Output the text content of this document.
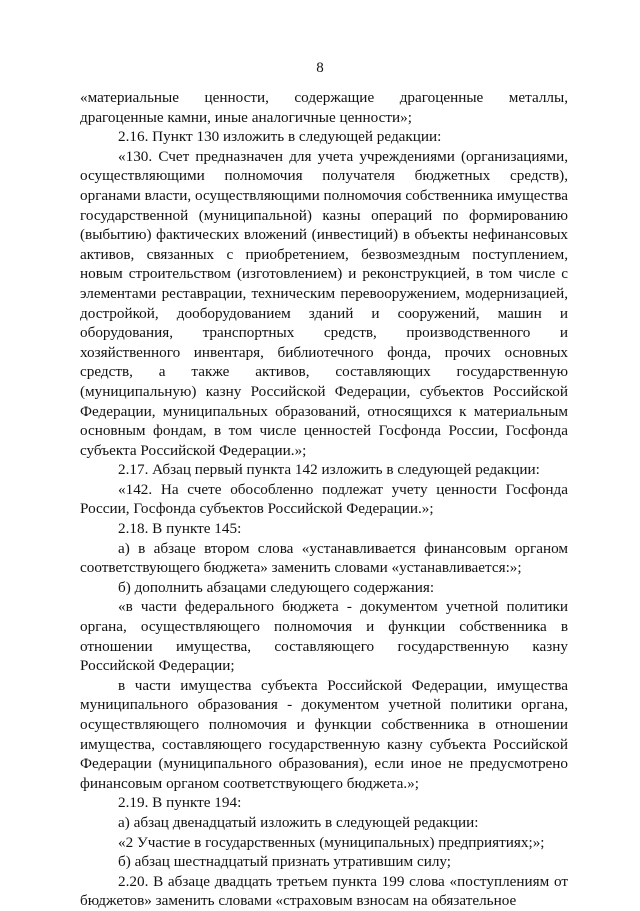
8

«материальные ценности, содержащие драгоценные металлы, драгоценные камни, иные аналогичные ценности»;

2.16. Пункт 130 изложить в следующей редакции:

«130. Счет предназначен для учета учреждениями (организациями, осуществляющими полномочия получателя бюджетных средств), органами власти, осуществляющими полномочия собственника имущества государственной (муниципальной) казны операций по формированию (выбытию) фактических вложений (инвестиций) в объекты нефинансовых активов, связанных с приобретением, безвозмездным поступлением, новым строительством (изготовлением) и реконструкцией, в том числе с элементами реставрации, техническим перевооружением, модернизацией, достройкой, дооборудованием зданий и сооружений, машин и оборудования, транспортных средств, производственного и хозяйственного инвентаря, библиотечного фонда, прочих основных средств, а также активов, составляющих государственную (муниципальную) казну Российской Федерации, субъектов Российской Федерации, муниципальных образований, относящихся к материальным основным фондам, в том числе ценностей Госфонда России, Госфонда субъекта Российской Федерации.»;

2.17. Абзац первый пункта 142 изложить в следующей редакции:

«142. На счете обособленно подлежат учету ценности Госфонда России, Госфонда субъектов Российской Федерации.»;

2.18. В пункте 145:

а) в абзаце втором слова «устанавливается финансовым органом соответствующего бюджета» заменить словами «устанавливается:»;

б) дополнить абзацами следующего содержания:

«в части федерального бюджета - документом учетной политики органа, осуществляющего полномочия и функции собственника в отношении имущества, составляющего государственную казну Российской Федерации;

в части имущества субъекта Российской Федерации, имущества муниципального образования - документом учетной политики органа, осуществляющего полномочия и функции собственника в отношении имущества, составляющего государственную казну субъекта Российской Федерации (муниципального образования), если иное не предусмотрено финансовым органом соответствующего бюджета.»;

2.19. В пункте 194:

а) абзац двенадцатый изложить в следующей редакции:

«2 Участие в государственных (муниципальных) предприятиях;»;

б) абзац шестнадцатый признать утратившим силу;

2.20. В абзаце двадцать третьем пункта 199 слова «поступлениям от бюджетов» заменить словами «страховым взносам на обязательное
